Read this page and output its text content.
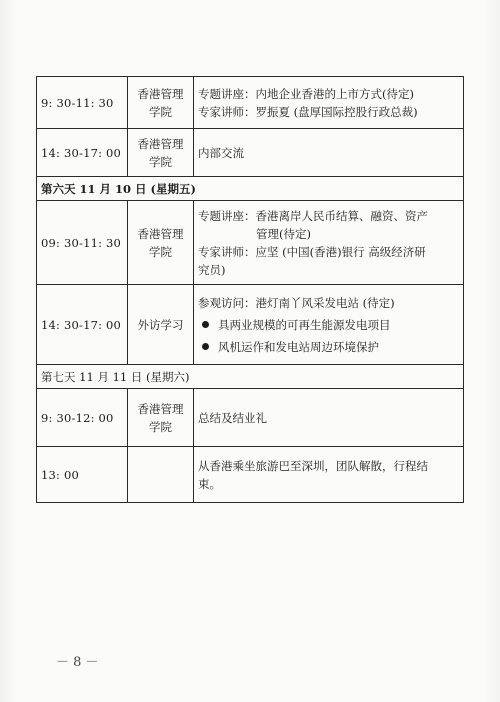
9: 30-11: 30	香港管理学院	专题讲座：内地企业香港的上市方式(待定)
专家讲师：罗振夏 (盘厚国际控股行政总裁)

14: 30-17: 00	香港管理学院	内部交流
第六天 11 月 10 日 (星期五)		
09: 30-11: 30	香港管理学院	专题讲座：香港离岸人民币结算、融资、资产
管理(待定)
专家讲师：应坚 (中国(香港)银行 高级经济研
究员)

14: 30-17: 00	外访学习	参观访问：港灯南丫风采发电站 (待定)
具两业规模的可再生能源发电项目
风机运作和发电站周边环境保护

第七天 11 月 11 日 (星期六)		
9: 30-12: 00	香港管理学院	总结及结业礼
13: 00		从香港乘坐旅游巴至深圳，团队解散，行程结
束。
－ 8 －
